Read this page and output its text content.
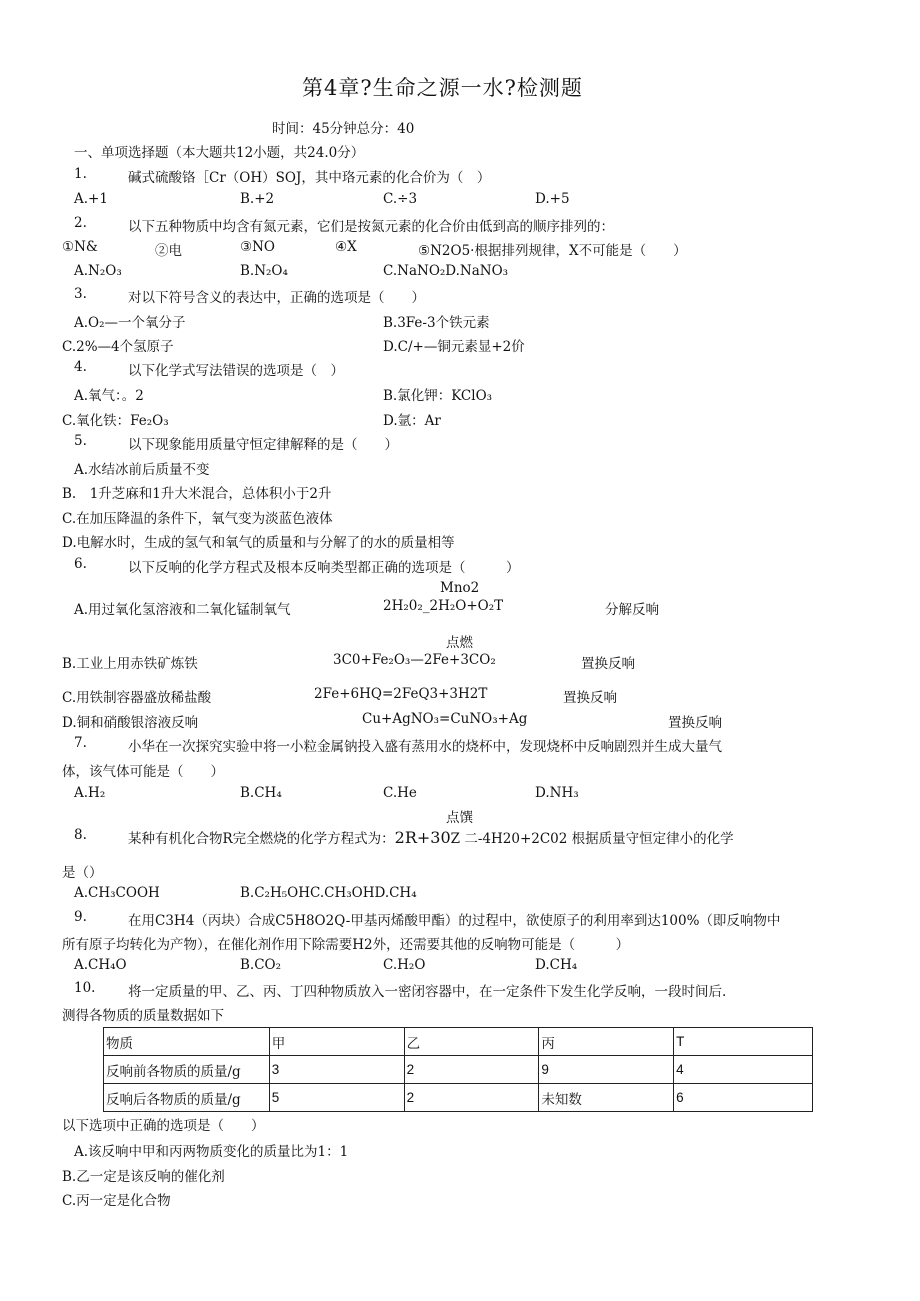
第4章?生命之源一水?检测题
时间：45分钟总分：40
一、单项选择题（本大题共12小题，共24.0分）
1.	碱式硫酸铬［Cr（OH）SOJ，其中珞元素的化合价为（　）
A.+1	B.+2	C.÷3	D.+5
2.	以下五种物质中均含有氮元素，它们是按氮元素的化合价由低到高的顺序排列的：
①N&	②电	③NO	④X	⑤N2O5·根据排列规律，X不可能是（　　）
A.N₂O₃	B.N₂O₄	C.NaNO₂D.NaNO₃
3.	对以下符号含义的表达中，正确的选项是（　　）
A.O₂—一个氧分子	B.3Fe-3个铁元素
C.2%—4个氢原子	D.C/+—铜元素显+2价
4.	以下化学式写法错误的选项是（　）
A.氧气：。2	B.氯化钾：KClO₃
C.氧化铁：Fe₂O₃	D.氩：Ar
5.	以下现象能用质量守恒定律解释的是（　　）
A.水结冰前后质量不变
B.　1升芝麻和1升大米混合，总体积小于2升
C.在加压降温的条件下，氧气变为淡蓝色液体
D.电解水时，生成的氢气和氧气的质量和与分解了的水的质量相等
6.	以下反响的化学方程式及根本反响类型都正确的选项是（　　　）
Mno2
A.用过氧化氢溶液和二氧化锰制氧气	2H₂0₂_2H₂O+O₂T	分解反响
点燃
B.工业上用赤铁矿炼铁	3C0+Fe₂O₃—2Fe+3CO₂	置换反响
C.用铁制容器盛放稀盐酸	2Fe+6HQ=2FeQ3+3H2T	置换反响
D.铜和硝酸银溶液反响	Cu+AgNO₃=CuNO₃+Ag	置换反响
7.	小华在一次探究实验中将一小粒金属钠投入盛有蒸用水的烧杯中，发现烧杯中反响剧烈并生成大量气
体，该气体可能是（　　）
A.H₂	B.CH₄	C.He	D.NH₃
点馔
8.	某种有机化合物R完全燃烧的化学方程式为：2R+30Z 二-4H20+2C02 根据质量守恒定律小的化学
是（）
A.CH₃COOH	B.C₂H₅OHC.CH₃OHD.CH₄
9.	在用C3H4（丙块）合成C5H8O2Q-甲基丙烯酸甲酯）的过程中，欲使原子的利用率到达100%（即反响物中
所有原子均转化为产物），在催化剂作用下除需要H2外，还需要其他的反响物可能是（　　　）
A.CH₄O	B.CO₂	C.H₂O	D.CH₄
10. 将一定质量的甲、乙、丙、丁四种物质放入一密闭容器中，在一定条件下发生化学反响，一段时间后.
测得各物质的质量数据如下
物质	甲	乙	丙	T
反响前各物质的质量/g	3	2	9	4
反响后各物质的质量/g	5	2	未知数	6
以下选项中正确的选项是（　　）
A.该反响中甲和丙两物质变化的质量比为1：1
B.乙一定是该反响的催化剂
C.丙一定是化合物
